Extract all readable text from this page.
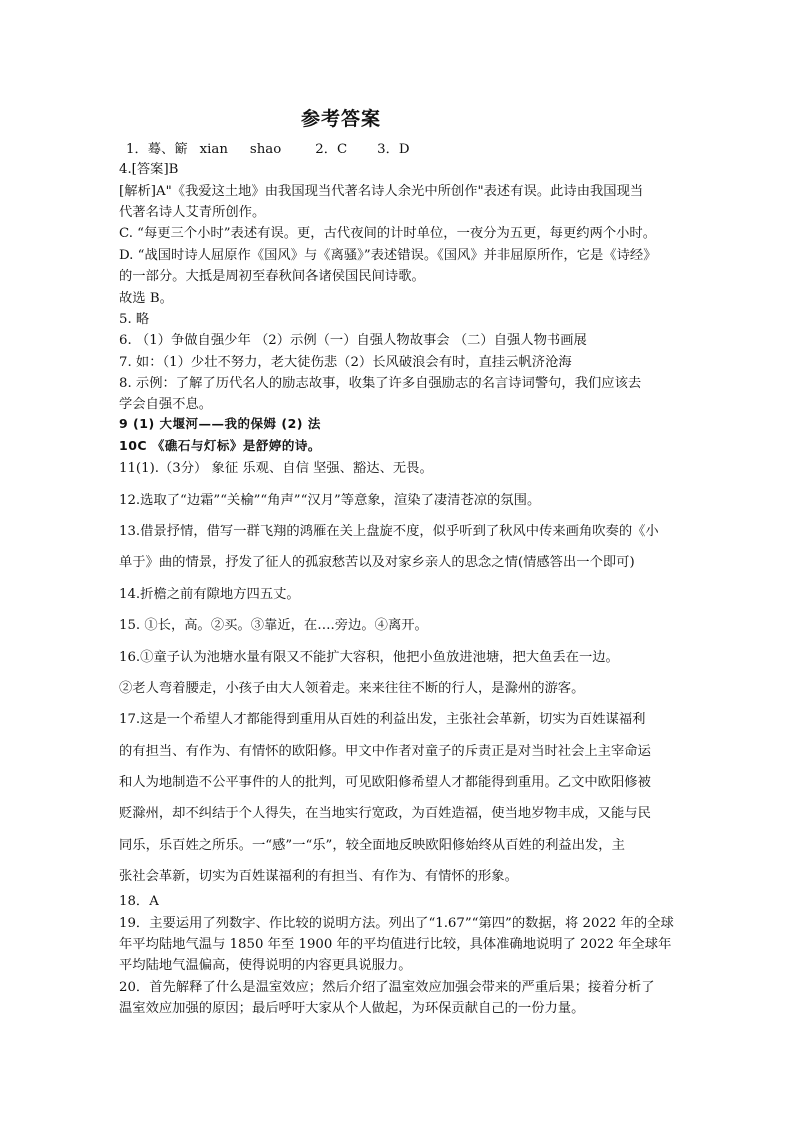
参考答案
1．蓦、簖 xian shao	2．C 3．D
4.[答案]B
[解析]A"《我爱这土地》由我国现当代著名诗人余光中所创作"表述有误。此诗由我国现当
代著名诗人艾青所创作。
C. “每更三个小时”表述有误。更，古代夜间的计时单位，一夜分为五更，每更约两个小时。
D. “战国时诗人屈原作《国风》与《离骚》”表述错误。《国风》并非屈原所作，它是《诗经》
的一部分。大抵是周初至春秋间各诸侯国民间诗歌。
故选 B。
5. 略
6. （1）争做自强少年 （2）示例（一）自强人物故事会 （二）自强人物书画展
7. 如：（1）少壮不努力，老大徒伤悲（2）长风破浪会有时，直挂云帆济沧海
8. 示例：了解了历代名人的励志故事，收集了许多自强励志的名言诗词警句，我们应该去
学会自强不息。
9 (1) 大堰河——我的保姆 (2) 法
10C 《礁石与灯标》是舒婷的诗。
11(1).（3分） 象征 乐观、自信 坚强、豁达、无畏。
12.选取了“边霜”“关榆”“角声”“汉月”等意象，渲染了凄清苍凉的氛围。
13.借景抒情，借写一群飞翔的鸿雁在关上盘旋不度，似乎听到了秋风中传来画角吹奏的《小
单于》曲的情景，抒发了征人的孤寂愁苦以及对家乡亲人的思念之情(情感答出一个即可)
14.折檐之前有隙地方四五丈。
15. ①长，高。②买。③靠近，在….旁边。④离开。
16.①童子认为池塘水量有限又不能扩大容积，他把小鱼放进池塘，把大鱼丢在一边。
②老人弯着腰走，小孩子由大人领着走。来来往往不断的行人，是滁州的游客。
17.这是一个希望人才都能得到重用从百姓的利益出发，主张社会革新，切实为百姓谋福利
的有担当、有作为、有情怀的欧阳修。甲文中作者对童子的斥责正是对当时社会上主宰命运
和人为地制造不公平事件的人的批判，可见欧阳修希望人才都能得到重用。乙文中欧阳修被
贬滁州，却不纠结于个人得失，在当地实行宽政，为百姓造福，使当地岁物丰成，又能与民
同乐，乐百姓之所乐。一“感”一“乐”，较全面地反映欧阳修始终从百姓的利益出发，主
张社会革新，切实为百姓谋福利的有担当、有作为、有情怀的形象。
18．A
19．主要运用了列数字、作比较的说明方法。列出了“1.67”“第四”的数据，将 2022 年的全球
年平均陆地气温与 1850 年至 1900 年的平均值进行比较，具体准确地说明了 2022 年全球年
平均陆地气温偏高，使得说明的内容更具说服力。
20．首先解释了什么是温室效应；然后介绍了温室效应加强会带来的严重后果；接着分析了
温室效应加强的原因；最后呼吁大家从个人做起，为环保贡献自己的一份力量。
